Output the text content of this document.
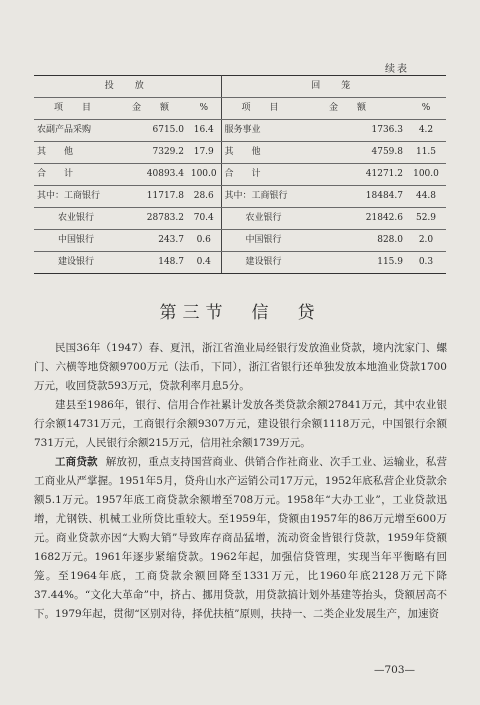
续表
投　放			回　笼		
项　目	金　额	%	项　目	金　额	%
农副产品采购	6715.0	16.4	服务事业	1736.3	4.2
其　　他	7329.2	17.9	其　　他	4759.8	11.5
合　　计	40893.4	100.0	合　　计	41271.2	100.0
其中：工商银行	11717.8	28.6	其中：工商银行	18484.7	44.8
农业银行	28783.2	70.4	农业银行	21842.6	52.9
中国银行	243.7	0.6	中国银行	828.0	2.0
建设银行	148.7	0.4	建设银行	115.9	0.3
第三节　信　贷

民国36年（1947）春、夏汛，浙江省渔业局经银行发放渔业贷款，境内沈家门、螺门、六横等地贷额9700万元（法币，下同），浙江省银行还单独发放本地渔业贷款1700万元，收回贷款593万元，贷款利率月息5分。

建县至1986年，银行、信用合作社累计发放各类贷款余额27841万元，其中农业银行余额14731万元，工商银行余额9307万元，建设银行余额1118万元，中国银行余额731万元，人民银行余额215万元，信用社余额1739万元。

工商贷款 解放初，重点支持国营商业、供销合作社商业、次手工业、运输业，私营工商业从严掌握。1951年5月，贷舟山水产运销公司17万元，1952年底私营企业贷款余额5.1万元。1957年底工商贷款余额增至708万元。1958年“大办工业”，工业贷款迅增，尤钢铁、机械工业所贷比重较大。至1959年，贷额由1957年的86万元增至600万元。商业贷款亦因“大购大销”导致库存商品猛增，流动资金皆银行贷款，1959年贷额1682万元。1961年逐步紧缩贷款。1962年起，加强信贷管理，实现当年平衡略有回笼。至1964年底，工商贷款余额回降至1331万元，比1960年底2128万元下降37.44%。“文化大革命”中，挤占、挪用贷款，用贷款搞计划外基建等抬头，贷额居高不下。1979年起，贯彻“区别对待，择优扶植”原则，扶持一、二类企业发展生产，加速资

—703—
